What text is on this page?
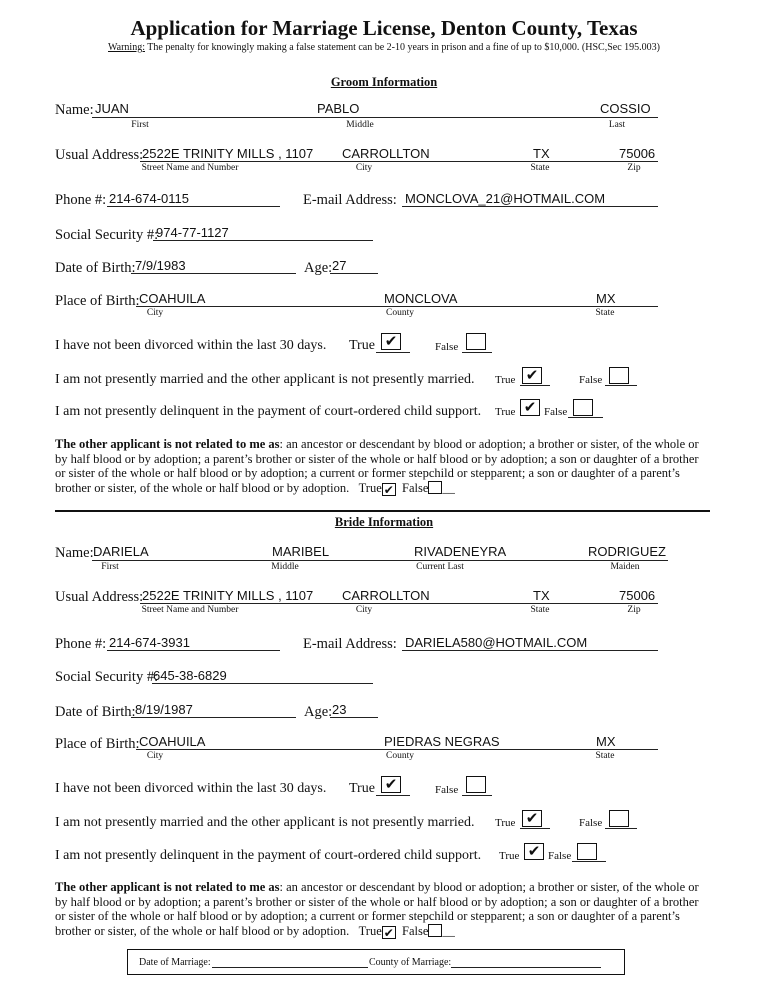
Application for Marriage License, Denton County, Texas
Warning: The penalty for knowingly making a false statement can be 2-10 years in prison and a fine of up to $10,000. (HSC,Sec 195.003)
Groom Information
Name: JUAN	PABLO	COSSIO
First	Middle	Last
Usual Address:
2522E TRINITY MILLS , 1107 CARROLLTON	TX	75006
Street Name and Number	City	State	Zip
Phone #: 214-674-0115	E-mail Address: MONCLOVA_21@HOTMAIL.COM
Social Security #:
974-77-1127
Date of Birth: 7/9/1983	Age: 27
Place of Birth: COAHUILA	MONCLOVA	MX
City	County	State
I have not been divorced within the last 30 days. True ✔	False
I am not presently married and the other applicant is not presently married. True ✔	False
I am not presently delinquent in the payment of court-ordered child support. True ✔ False
The other applicant is not related to me as: an ancestor or descendant by blood or adoption; a brother or sister, of the whole or by half blood or by adoption; a parent’s brother or sister of the whole or half blood or by adoption; a son or daughter of a brother or sister of the whole or half blood or by adoption; a current or former stepchild or stepparent; a son or daughter of a parent’s brother or sister, of the whole or half blood or by adoption. True ✔ False __
Bride Information
Name: DARIELA	MARIBEL	RIVADENEYRA	RODRIGUEZ
First	Middle	Current Last	Maiden
Usual Address:
2522E TRINITY MILLS , 1107 CARROLLTON	TX	75006
Street Name and Number	City	State	Zip
Phone #: 214-674-3931	E-mail Address: DARIELA580@HOTMAIL.COM
Social Security #:
645-38-6829
Date of Birth: 8/19/1987	Age: 23
Place of Birth: COAHUILA	PIEDRAS NEGRAS	MX
City	County	State
I have not been divorced within the last 30 days. True ✔	False
I am not presently married and the other applicant is not presently married. True ✔	False
I am not presently delinquent in the payment of court-ordered child support. True ✔ False
The other applicant is not related to me as: an ancestor or descendant by blood or adoption; a brother or sister, of the whole or by half blood or by adoption; a parent’s brother or sister of the whole or half blood or by adoption; a son or daughter of a brother or sister of the whole or half blood or by adoption; a current or former stepchild or stepparent; a son or daughter of a parent’s brother or sister, of the whole or half blood or by adoption. True ✔ False __
Date of Marriage:	County of Marriage:
